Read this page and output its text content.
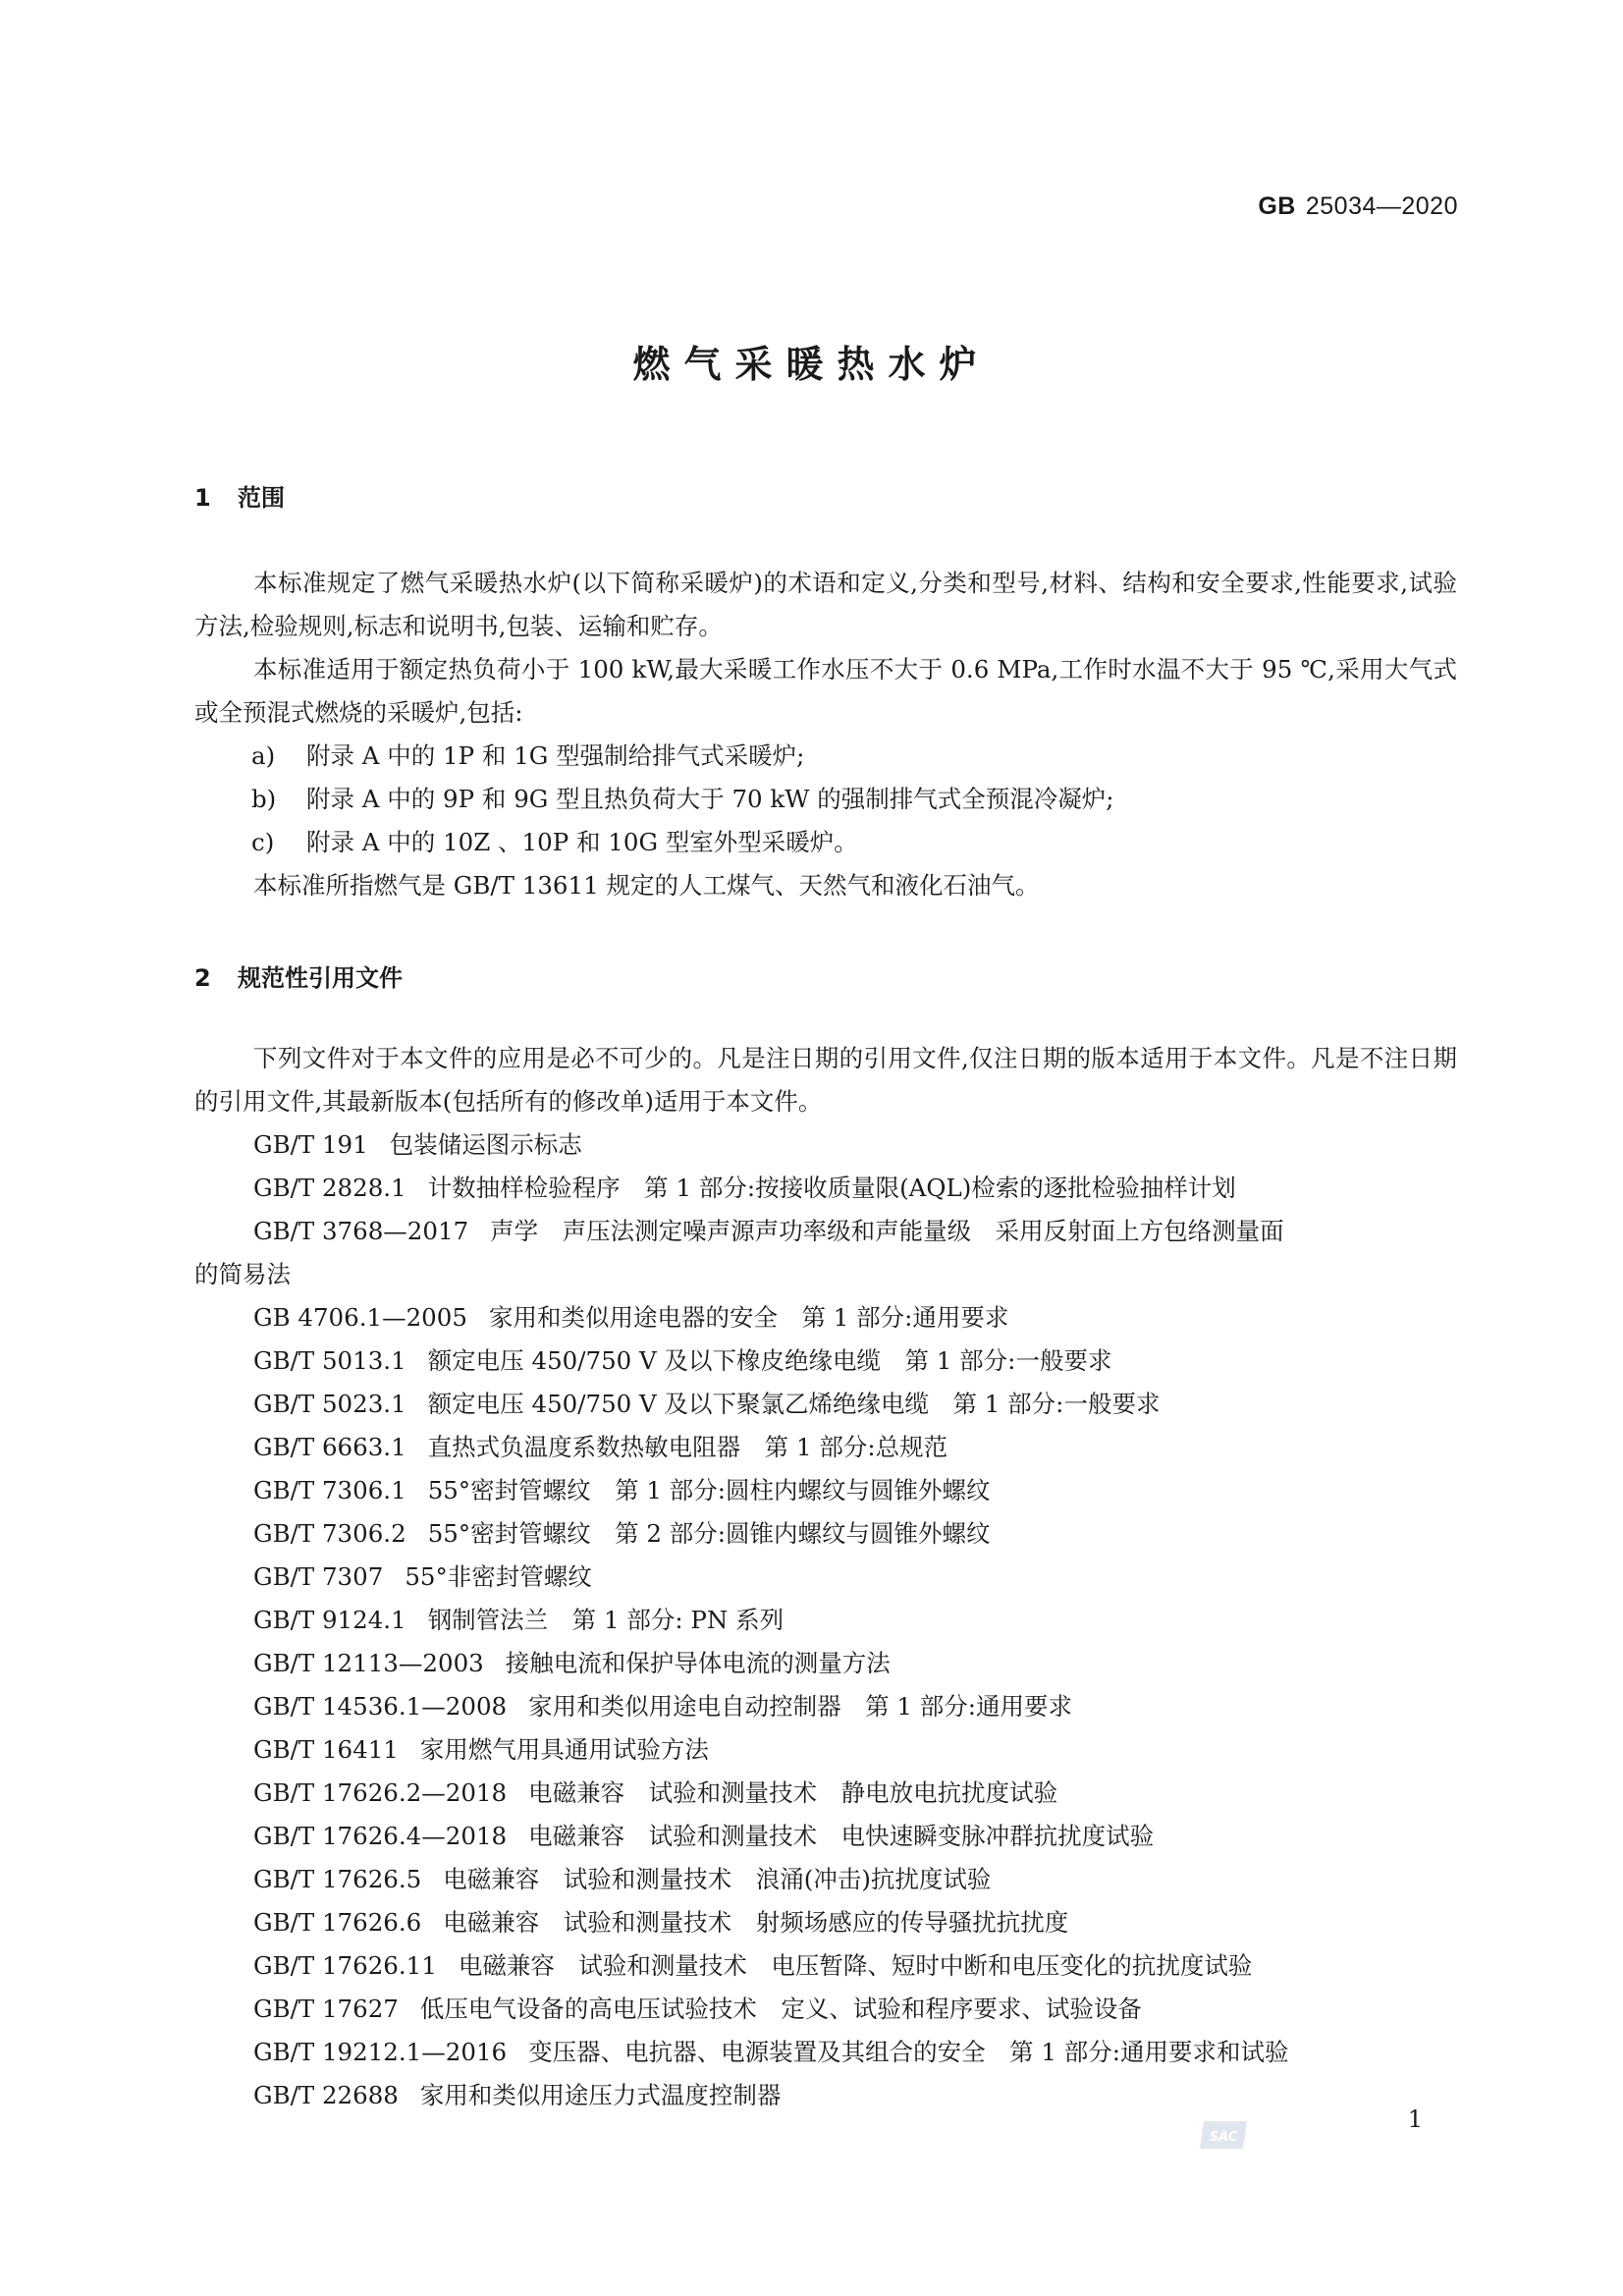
GB 25034—2020
燃气采暖热水炉
1 范围

本标准规定了燃气采暖热水炉(以下简称采暖炉)的术语和定义,分类和型号,材料、结构和安全要求,性能要求,试验方法,检验规则,标志和说明书,包装、运输和贮存。

本标准适用于额定热负荷小于 100 kW,最大采暖工作水压不大于 0.6 MPa,工作时水温不大于 95 ℃,采用大气式或全预混式燃烧的采暖炉,包括:

a) 附录 A 中的 1P 和 1G 型强制给排气式采暖炉;

b) 附录 A 中的 9P 和 9G 型且热负荷大于 70 kW 的强制排气式全预混冷凝炉;

c) 附录 A 中的 10Z 、10P 和 10G 型室外型采暖炉。

本标准所指燃气是 GB/T 13611 规定的人工煤气、天然气和液化石油气。

2 规范性引用文件

下列文件对于本文件的应用是必不可少的。凡是注日期的引用文件,仅注日期的版本适用于本文件。凡是不注日期的引用文件,其最新版本(包括所有的修改单)适用于本文件。

GB/T 191 包装储运图示标志

GB/T 2828.1 计数抽样检验程序　第 1 部分:按接收质量限(AQL)检索的逐批检验抽样计划

GB/T 3768—2017 声学　声压法测定噪声源声功率级和声能量级　采用反射面上方包络测量面
的简易法

GB 4706.1—2005 家用和类似用途电器的安全　第 1 部分:通用要求

GB/T 5013.1 额定电压 450/750 V 及以下橡皮绝缘电缆　第 1 部分:一般要求

GB/T 5023.1 额定电压 450/750 V 及以下聚氯乙烯绝缘电缆　第 1 部分:一般要求

GB/T 6663.1 直热式负温度系数热敏电阻器　第 1 部分:总规范

GB/T 7306.1 55°密封管螺纹　第 1 部分:圆柱内螺纹与圆锥外螺纹

GB/T 7306.2 55°密封管螺纹　第 2 部分:圆锥内螺纹与圆锥外螺纹

GB/T 7307 55°非密封管螺纹

GB/T 9124.1 钢制管法兰　第 1 部分: PN 系列

GB/T 12113—2003 接触电流和保护导体电流的测量方法

GB/T 14536.1—2008 家用和类似用途电自动控制器　第 1 部分:通用要求

GB/T 16411 家用燃气用具通用试验方法

GB/T 17626.2—2018 电磁兼容　试验和测量技术　静电放电抗扰度试验

GB/T 17626.4—2018 电磁兼容　试验和测量技术　电快速瞬变脉冲群抗扰度试验

GB/T 17626.5 电磁兼容　试验和测量技术　浪涌(冲击)抗扰度试验

GB/T 17626.6 电磁兼容　试验和测量技术　射频场感应的传导骚扰抗扰度

GB/T 17626.11 电磁兼容　试验和测量技术　电压暂降、短时中断和电压变化的抗扰度试验

GB/T 17627 低压电气设备的高电压试验技术　定义、试验和程序要求、试验设备

GB/T 19212.1—2016 变压器、电抗器、电源装置及其组合的安全　第 1 部分:通用要求和试验

GB/T 22688 家用和类似用途压力式温度控制器

SAC
1
